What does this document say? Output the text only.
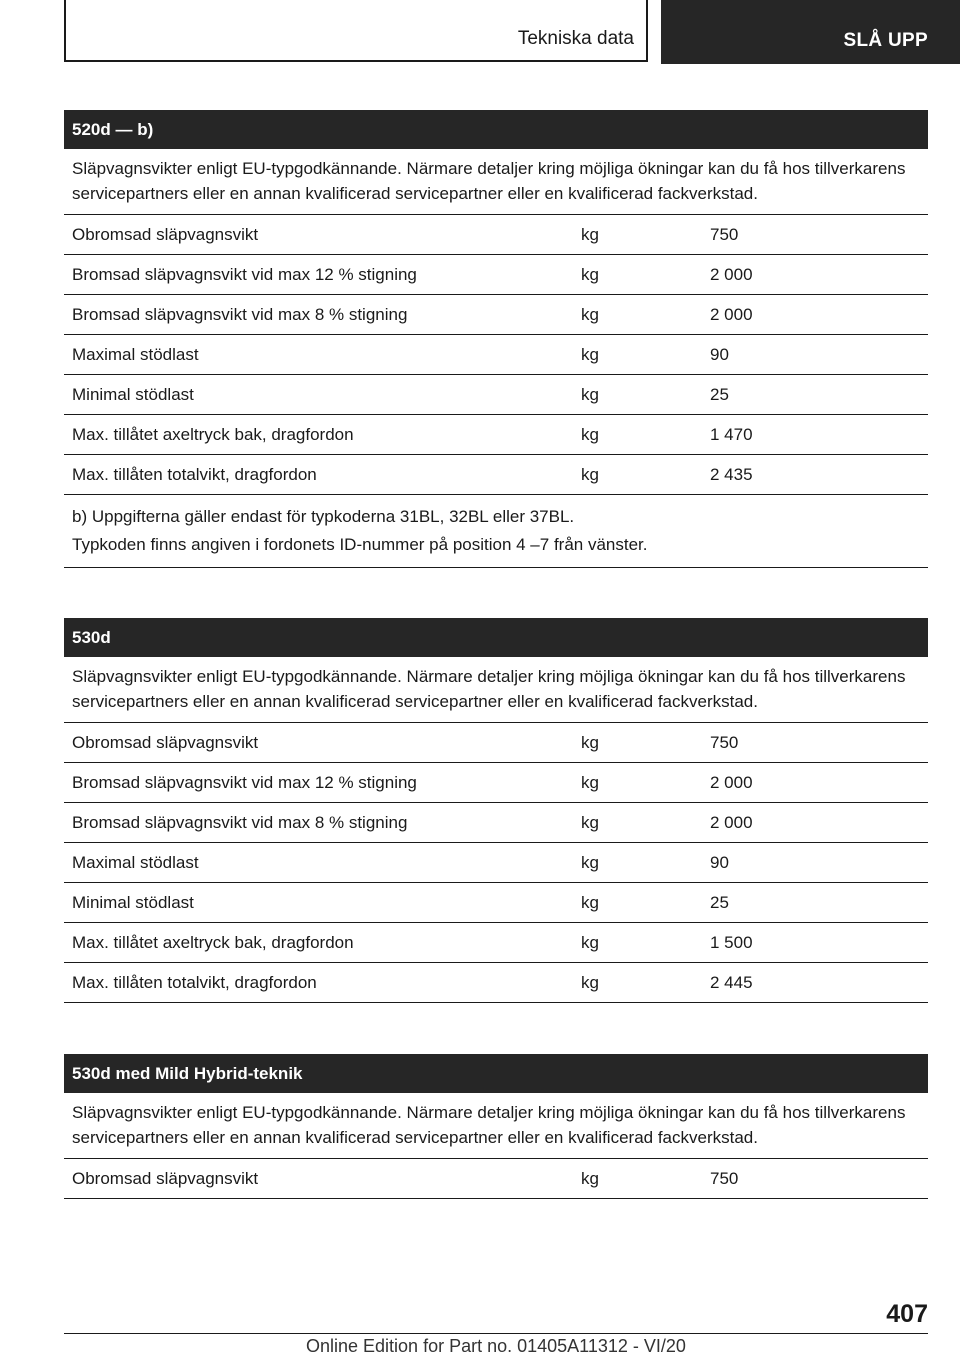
Tekniska data	SLÅ UPP
520d — b)
Släpvagnsvikter enligt EU-typgodkännande. Närmare detaljer kring möjliga ökningar kan du få hos tillverkarens servicepartners eller en annan kvalificerad servicepartner eller en kvalificerad fackverkstad.
Obromsad släpvagnsvikt	kg	750
Bromsad släpvagnsvikt vid max 12 % stigning	kg	2 000
Bromsad släpvagnsvikt vid max 8 % stigning	kg	2 000
Maximal stödlast	kg	90
Minimal stödlast	kg	25
Max. tillåtet axeltryck bak, dragfordon	kg	1 470
Max. tillåten totalvikt, dragfordon	kg	2 435
b) Uppgifterna gäller endast för typkoderna 31BL, 32BL eller 37BL.
Typkoden finns angiven i fordonets ID-nummer på position 4 –7 från vänster.
530d
Släpvagnsvikter enligt EU-typgodkännande. Närmare detaljer kring möjliga ökningar kan du få hos tillverkarens servicepartners eller en annan kvalificerad servicepartner eller en kvalificerad fackverkstad.
Obromsad släpvagnsvikt	kg	750
Bromsad släpvagnsvikt vid max 12 % stigning	kg	2 000
Bromsad släpvagnsvikt vid max 8 % stigning	kg	2 000
Maximal stödlast	kg	90
Minimal stödlast	kg	25
Max. tillåtet axeltryck bak, dragfordon	kg	1 500
Max. tillåten totalvikt, dragfordon	kg	2 445
530d med Mild Hybrid-teknik
Släpvagnsvikter enligt EU-typgodkännande. Närmare detaljer kring möjliga ökningar kan du få hos tillverkarens servicepartners eller en annan kvalificerad servicepartner eller en kvalificerad fackverkstad.
Obromsad släpvagnsvikt	kg	750
407
Online Edition for Part no. 01405A11312 - VI/20
